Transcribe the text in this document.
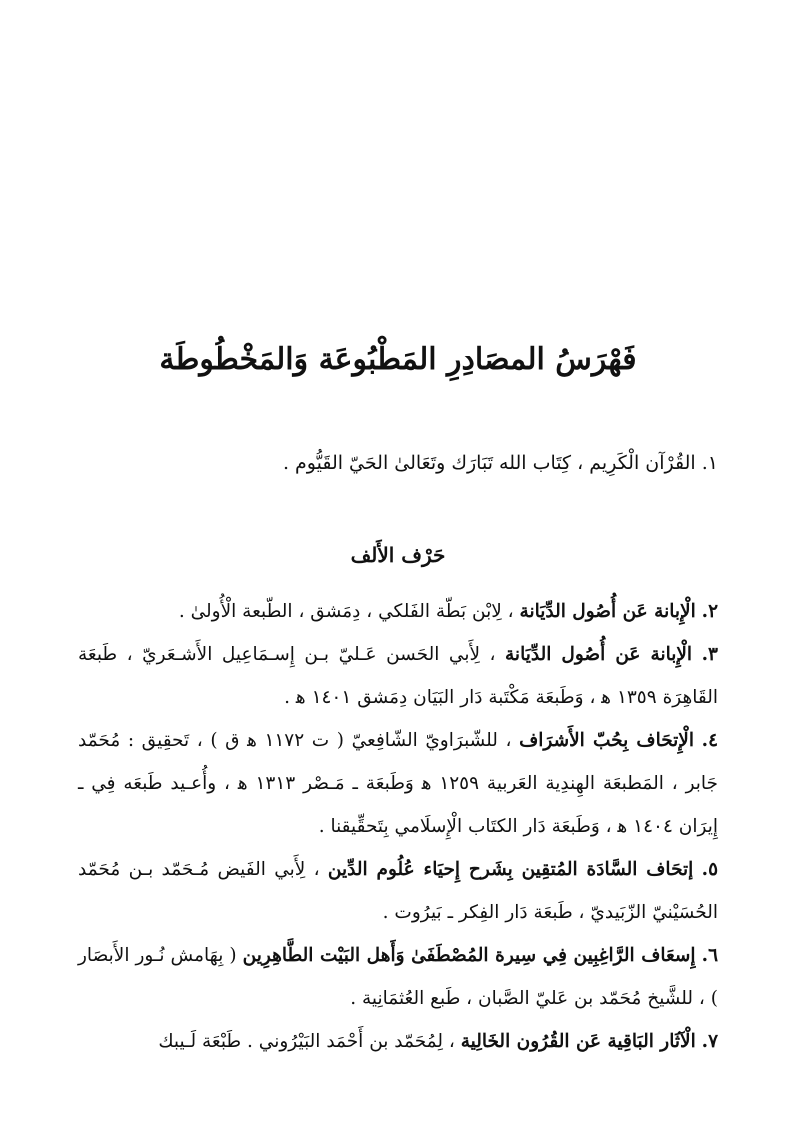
فَهْرَسُ المصَادِرِ المَطْبُوعَة وَالمَخْطُوطَة

١. القُرْآن الْكَرِيم ، كِتَاب الله تَبَارَك وتَعَالىٰ الحَيّ القَيُّوم .

حَرْف الأَلف
٢. الْإِبانة عَن أُصُول الدِّيَانة ، لِابْن بَطّة الفَلكي ، دِمَشق ، الطّبعة الْأُولىٰ .
٣. الْإِبانة عَن أُصُول الدِّيَانة ، لِأَبي الحَسن عَـليّ بـن إِسـمَاعِيل الأَشـعَريّ ، طَبعَة القَاهِرَة ١٣٥٩ ه‍ ، وَطَبعَة مَكْتَبة دَار البَيَان دِمَشق ١٤٠١ ه‍ .
٤. الْإِتحَاف بِحُبّ الأَشرَاف ، للشّبرَاويّ الشّافِعيّ ( ت ١١٧٢ ه‍ ق ) ، تَحقِيق : مُحَمّد جَابر ، المَطبعَة الهِندِية العَربية ١٢٥٩ ه‍ وَطَبعَة ـ مَـصْر ١٣١٣ ه‍ ، وأُعـيد طَبعَه فِي ـ إِيرَان ١٤٠٤ ه‍ ، وَطَبعَة دَار الكتَاب الْإِسلَامي بِتَحقِّيقنا .
٥. إتحَاف السَّادَة المُتقِين بِشَرح إِحيَاء عُلُوم الدِّين ، لِأَبي الفَيض مُـحَمّد بـن مُحَمّد الحُسَيْنيّ الزّبَيديّ ، طَبعَة دَار الفِكر ـ بَيرُوت .
٦. إِسعَاف الرَّاغِبِين فِي سِيرة المُصْطَفَىٰ وَأَهل البَيْت الطَّاهِرِين ( بِهَامش نُـور الأَبصَار ) ، للشَّيخ مُحَمّد بن عَليّ الصَّبان ، طَبع العُثمَانِية .
٧. الْآثَار البَاقِية عَن القُرُون الخَالِية ، لِمُحَمّد بن أَحْمَد البَيْرُوني . طَبْعَة لَـيبك
